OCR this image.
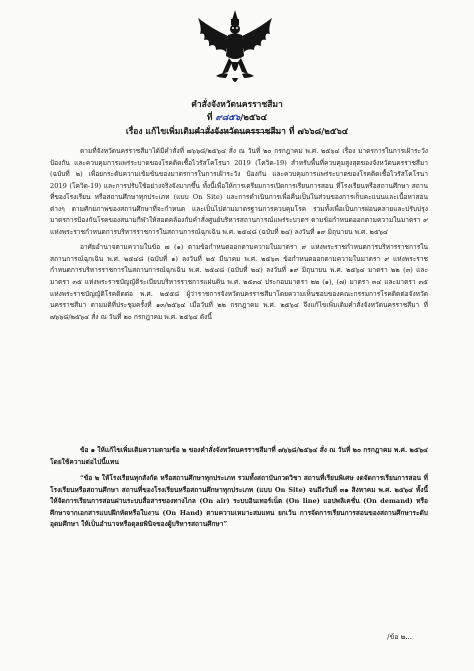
คำสั่งจังหวัดนครราชสีมา
ที่ ๙๘๕๖/๒๕๖๔
เรื่อง แก้ไขเพิ่มเติมคำสั่งจังหวัดนครราชสีมา ที่ ๗๖๖๘/๒๕๖๔

ตามที่จังหวัดนครราชสีมาได้มีคำสั่งที่ ๗๖๖๘/๒๕๖๔ สั่ง ณ วันที่ ๒๐ กรกฎาคม พ.ศ. ๒๕๖๔ เรื่อง มาตรการในการเฝ้าระวัง ป้องกัน และควบคุมการแพร่ระบาดของโรคติดเชื้อไวรัสโคโรนา 2019 (โควิด-19) สำหรับพื้นที่ควบคุมสูงสุดของจังหวัดนครราชสีมา (ฉบับที่ ๒) เพื่อยกระดับความเข้มข้นของมาตรการในการเฝ้าระวัง ป้องกัน และควบคุมการแพร่ระบาดของโรคติดเชื้อไวรัสโคโรนา 2019 (โควิด-19) และการปรับใช้อย่างจริงจังมากขึ้น ทั้งนี้เพื่อให้การเตรียมการเปิดการเรียนการสอน ที่โรงเรียนหรือสถานศึกษา สถานที่ของโรงเรียน หรือสถานศึกษาทุกประเภท (แบบ On Site) และการดำเนินการเพื่อคืนเป็นในส่วนของการเก็บคะแนนและเนื้อหาสอนต่างๆ ตามศักยภาพของสถานศึกษาที่จะกำหนด และเป็นไปตามมาตรฐานการควบคุมโรค รวมทั้งเพื่อเป็นการผ่อนคลายและปรับปรุงมาตรการป้องกันโรคของสนามกีฬาให้สอดคล้องกับคำสั่งศูนย์บริหารสถานการณ์แพร่ระบาดฯ ตามข้อกำหนดออกตามความในมาตรา ๙ แห่งพระราชกำหนดการบริหารราชการในสถานการณ์ฉุกเฉิน พ.ศ. ๒๕๔๘ (ฉบับที่ ๒๔) ลงวันที่ ๑๙ มิถุนายน พ.ศ. ๒๕๖๔

อาศัยอำนาจตามความในข้อ ๗ (๑) ตามข้อกำหนดออกตามความในมาตรา ๙ แห่งพระราชกำหนดการบริหารราชการในสถานการณ์ฉุกเฉิน พ.ศ. ๒๕๔๘ (ฉบับที่ ๑) ลงวันที่ ๒๕ มีนาคม พ.ศ. ๒๕๖๓ ข้อกำหนดออกตามความในมาตรา ๙ แห่งพระราชกำหนดการบริหารราชการในสถานการณ์ฉุกเฉิน พ.ศ. ๒๕๔๘ (ฉบับที่ ๒๔) ลงวันที่ ๑๙ มิถุนายน พ.ศ. ๒๕๖๔ มาตรา ๒๒ (๓) และมาตรา ๓๕ แห่งพระราชบัญญัติระเบียบบริหารราชการแผ่นดิน พ.ศ. ๒๕๓๔ ประกอบมาตรา ๒๒ (๑), (๗) มาตรา ๓๔ และมาตรา ๓๕ แห่งพระราชบัญญัติโรคติดต่อ พ.ศ. ๒๕๕๘ ผู้ว่าราชการจังหวัดนครราชสีมาโดยความเห็นชอบของคณะกรรมการโรคติดต่อจังหวัดนครราชสีมา ตามมติที่ประชุมครั้งที่ ๑๓/๒๕๖๔ เมื่อวันที่ ๒๒ กรกฎาคม พ.ศ. ๒๕๖๔ จึงแก้ไขเพิ่มเติมคำสั่งจังหวัดนครราชสีมา ที่ ๗๖๖๘/๒๕๖๔ สั่ง ณ วันที่ ๒๐ กรกฎาคม พ.ศ. ๒๕๖๔ ดังนี้

ข้อ ๑ ให้แก้ไขเพิ่มเติมความตามข้อ ๒ ของคำสั่งจังหวัดนครราชสีมาที่ ๗๖๖๘/๒๕๖๔ สั่ง ณ วันที่ ๒๐ กรกฎาคม พ.ศ. ๒๕๖๔ โดยใช้ความต่อไปนี้แทน

“ข้อ ๒ ให้โรงเรียนทุกสังกัด หรือสถานศึกษาทุกประเภท รวมทั้งสถาบันกวดวิชา สถานที่เรียนพิเศษ งดจัดการเรียนการสอน ที่โรงเรียนหรือสถานศึกษา สถานที่ของโรงเรียนหรือสถานศึกษาทุกประเภท (แบบ On Site) จนถึงวันที่ ๓๑ สิงหาคม พ.ศ. ๒๕๖๔ ทั้งนี้ ให้จัดการเรียนการสอนผ่านระบบสื่อสารของทางไกล (On air) ระบบอินเทอร์เน็ต (On line) แอปพลิเคชั่น (On demand) หรือศึกษาจากเอกสารแบบฝึกหัดหรือใบงาน (On Hand) ตามความเหมาะสมแทน ยกเว้น การจัดการเรียนการสอนของสถานศึกษาระดับอุดมศึกษา ให้เป็นอำนาจหรือดุลยพินิจของผู้บริหารสถานศึกษา”

/ข้อ ๒...
